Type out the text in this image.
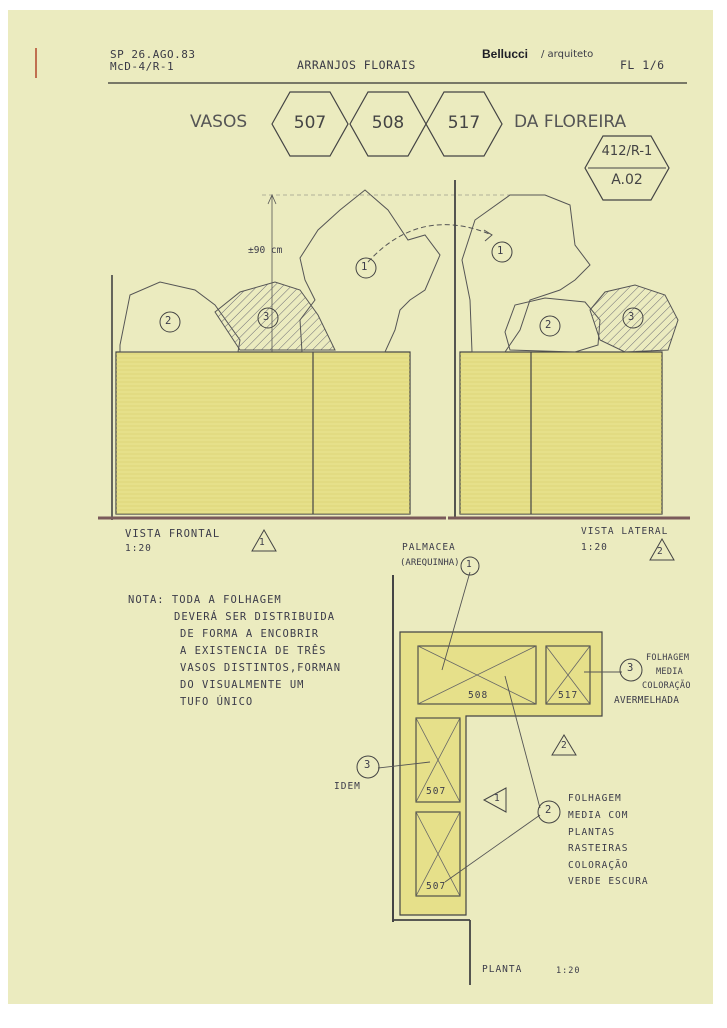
SP 26.AGO.83
McD-4/R-1	ARRANJOS FLORAIS
Bellucci / arquiteto
FL 1/6
VASOS	507	508	517 DA FLOREIRA
412/R-1
A.02
±90 cm
1
2	3
VISTA FRONTAL
1:20
1
1
2
3
VISTA LATERAL
1:20	2
NOTA: TODA A FOLHAGEM
DEVERÁ SER DISTRIBUIDA
DE FORMA A ENCOBRIR
A EXISTENCIA DE TRÊS
VASOS DISTINTOS,FORMAN
DO VISUALMENTE UM
TUFO ÚNICO
PALMACEA
(AREQUINHA) 1
508	517
507
507
3
FOLHAGEM
MEDIA
COLORAÇÃO
AVERMELHADA
3
IDEM
2
FOLHAGEM
MEDIA COM
PLANTAS
RASTEIRAS
COLORAÇÃO
VERDE ESCURA
2
1
PLANTA	1:20
